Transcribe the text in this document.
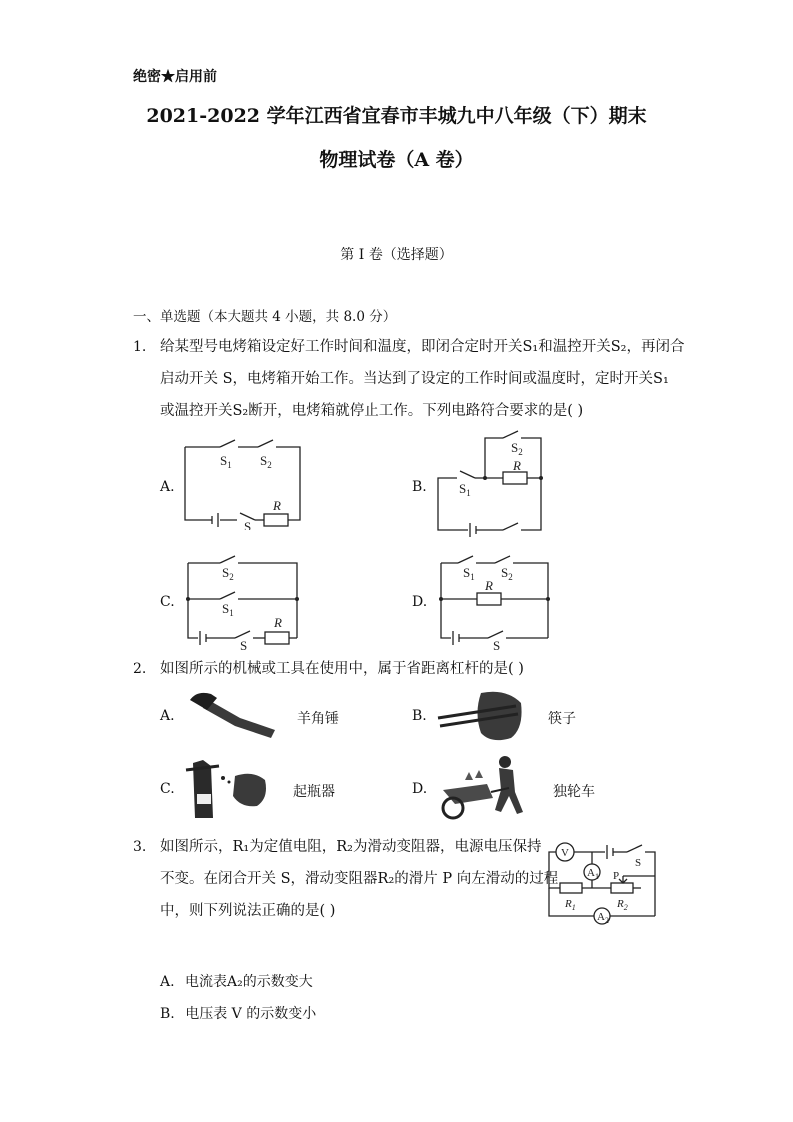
绝密★启用前
2021-2022 学年江西省宜春市丰城九中八年级（下）期末
物理试卷（A 卷）
第 I 卷（选择题）
一、单选题（本大题共 4 小题，共 8.0 分）
1. 给某型号电烤箱设定好工作时间和温度，即闭合定时开关S₁和温控开关S₂，再闭合
启动开关 S，电烤箱开始工作。当达到了设定的工作时间或温度时，定时开关S₁
或温控开关S₂断开，电烤箱就停止工作。下列电路符合要求的是( )
A.	B.
C.	D.
$S_1$ $S_2$
R
S
$S_2$
R
$S_1$
$S_2$
$S_1$
R
S
$S_1$ $S_2$
R
S
2. 如图所示的机械或工具在使用中，属于省距离杠杆的是( )
A.	羊角锤	B.	筷子
C.	起瓶器	D.	独轮车
3. 如图所示，R₁为定值电阻，R₂为滑动变阻器，电源电压保持
不变。在闭合开关 S，滑动变阻器R₂的滑片 P 向左滑动的过程
中，则下列说法正确的是( )
V
$A_1$
$A_2$
P
S
$R_1$	$R_2$
A. 电流表A₂的示数变大
B. 电压表 V 的示数变小
